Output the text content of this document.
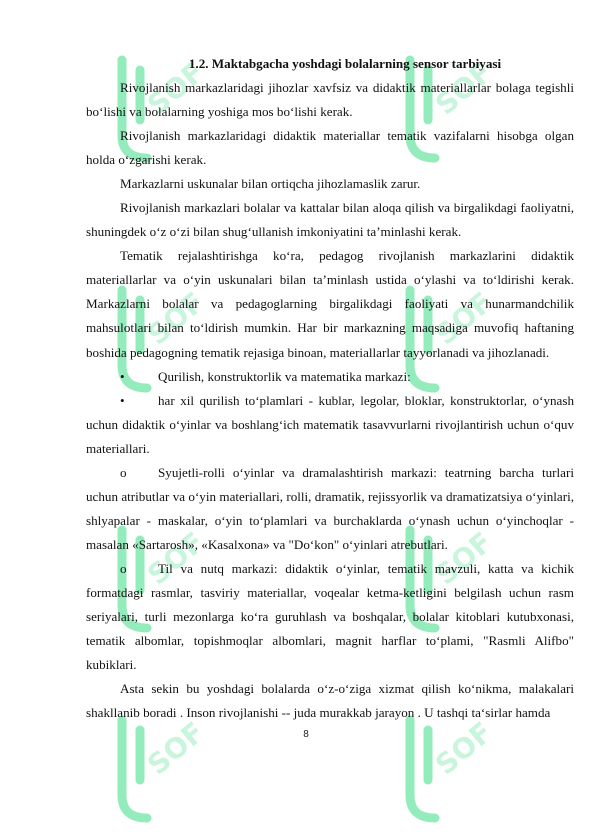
SOF	SOF
SOF	SOF
SOF	SOF
SOF	SOF

1.2. Maktabgacha yoshdagi bolalarning sensor tarbiyasi

Rivojlanish markazlaridagi jihozlar xavfsiz va didaktik materiallarlar bolaga tegishli bo‘lishi va bolalarning yoshiga mos bo‘lishi kerak.

Rivojlanish markazlaridagi didaktik materiallar tematik vazifalarni hisobga olgan holda o‘zgarishi kerak.

Markazlarni uskunalar bilan ortiqcha jihozlamaslik zarur.

Rivojlanish markazlari bolalar va kattalar bilan aloqa qilish va birgalikdagi faoliyatni, shuningdek o‘z o‘zi bilan shug‘ullanish imkoniyatini ta’minlashi kerak.

Tematik rejalashtirishga ko‘ra, pedagog rivojlanish markazlarini didaktik materiallarlar va o‘yin uskunalari bilan ta’minlash ustida o‘ylashi va to‘ldirishi kerak. Markazlarni bolalar va pedagoglarning birgalikdagi faoliyati va hunarmandchilik mahsulotlari bilan to‘ldirish mumkin. Har bir markazning maqsadiga muvofiq haftaning boshida pedagogning tematik rejasiga binoan, materiallarlar tayyorlanadi va jihozlanadi.

•	Qurilish, konstruktorlik va matematika markazi:

•	har xil qurilish to‘plamlari - kublar, legolar, bloklar, konstruktorlar, o‘ynash uchun didaktik o‘yinlar va boshlang‘ich matematik tasavvurlarni rivojlantirish uchun o‘quv materiallari.

o Syujetli-rolli o‘yinlar va dramalashtirish markazi: teatrning barcha turlari uchun atributlar va o‘yin materiallari, rolli, dramatik, rejissyorlik va dramatizatsiya o‘yinlari, shlyapalar - maskalar, o‘yin to‘plamlari va burchaklarda o‘ynash uchun o‘yinchoqlar - masalan «Sartarosh», «Kasalxona» va "Do‘kon" o‘yinlari atrebutlari.

o Til va nutq markazi: didaktik o‘yinlar, tematik mavzuli, katta va kichik formatdagi rasmlar, tasviriy materiallar, voqealar ketma-ketligini belgilash uchun rasm seriyalari, turli mezonlarga ko‘ra guruhlash va boshqalar, bolalar kitoblari kutubxonasi, tematik albomlar, topishmoqlar albomlari, magnit harflar to‘plami, "Rasmli Alifbo" kubiklari.

Asta sekin bu yoshdagi bolalarda o‘z-o‘ziga xizmat qilish ko‘nikma, malakalari shakllanib boradi . Inson rivojlanishi -- juda murakkab jarayon . U tashqi ta‘sirlar hamda

8
